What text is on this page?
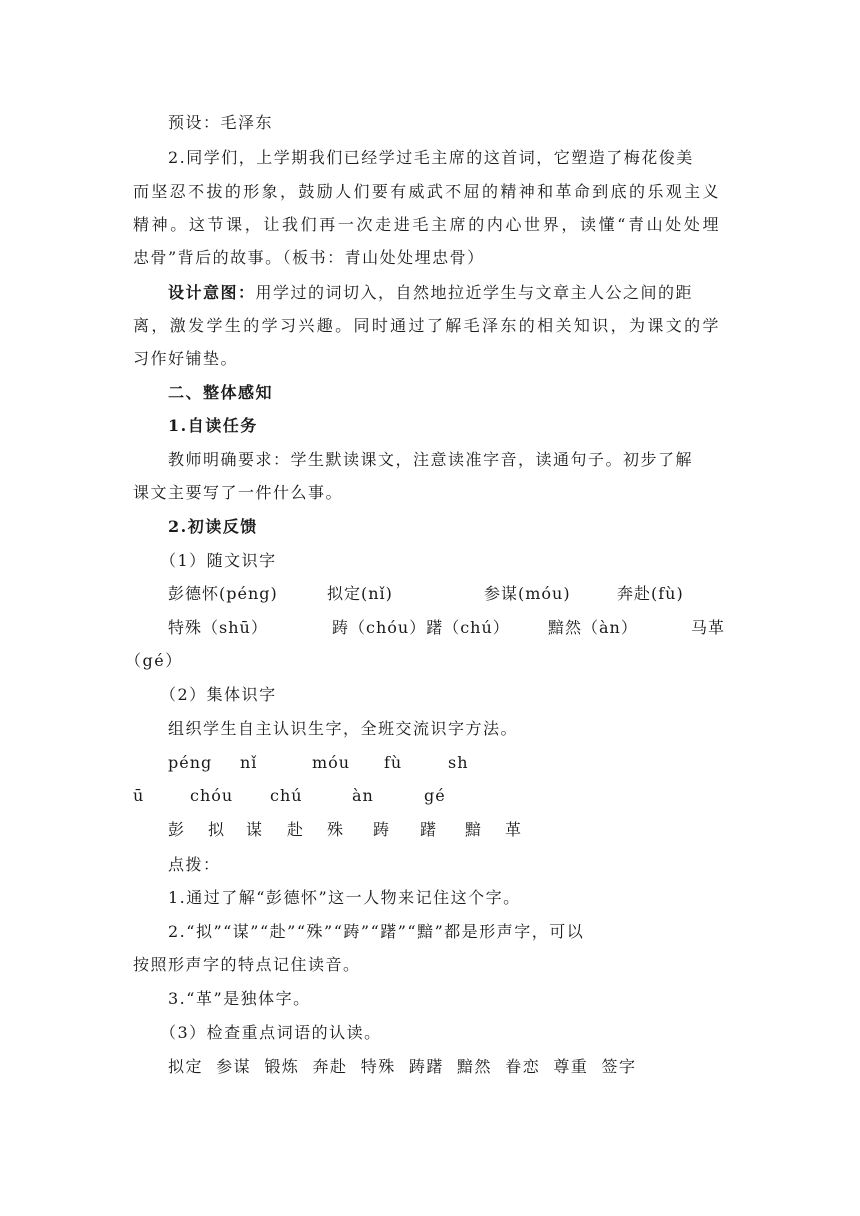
预设：毛泽东
2.同学们，上学期我们已经学过毛主席的这首词，它塑造了梅花俊美
而坚忍不拔的形象，鼓励人们要有威武不屈的精神和革命到底的乐观主义
精神。这节课，让我们再一次走进毛主席的内心世界，读懂“青山处处埋
忠骨”背后的故事。（板书：青山处处埋忠骨）
设计意图：用学过的词切入，自然地拉近学生与文章主人公之间的距
离，激发学生的学习兴趣。同时通过了解毛泽东的相关知识，为课文的学
习作好铺垫。
二、整体感知
1.自读任务
教师明确要求：学生默读课文，注意读准字音，读通句子。初步了解
课文主要写了一件什么事。
2.初读反馈
（1）随文识字
彭德怀(péng)	拟定(nǐ)	参谋(móu)	奔赴(fù)
特殊（shū）	踌（chóu）躇（chú） 黯然（àn）	马革
（gé）
（2）集体识字
组织学生自主认识生字，全班交流识字方法。
péng nǐ	móu fù	sh
ū	chóu chú	àn	gé
彭 拟 谋 赴 殊 踌 躇 黯 革
点拨：
1.通过了解“彭德怀”这一人物来记住这个字。
2.“拟”“谋”“赴”“殊”“踌”“躇”“黯”都是形声字，可以
按照形声字的特点记住读音。
3.“革”是独体字。
（3）检查重点词语的认读。
拟定  参谋  锻炼  奔赴  特殊  踌躇  黯然  眷恋  尊重  签字
